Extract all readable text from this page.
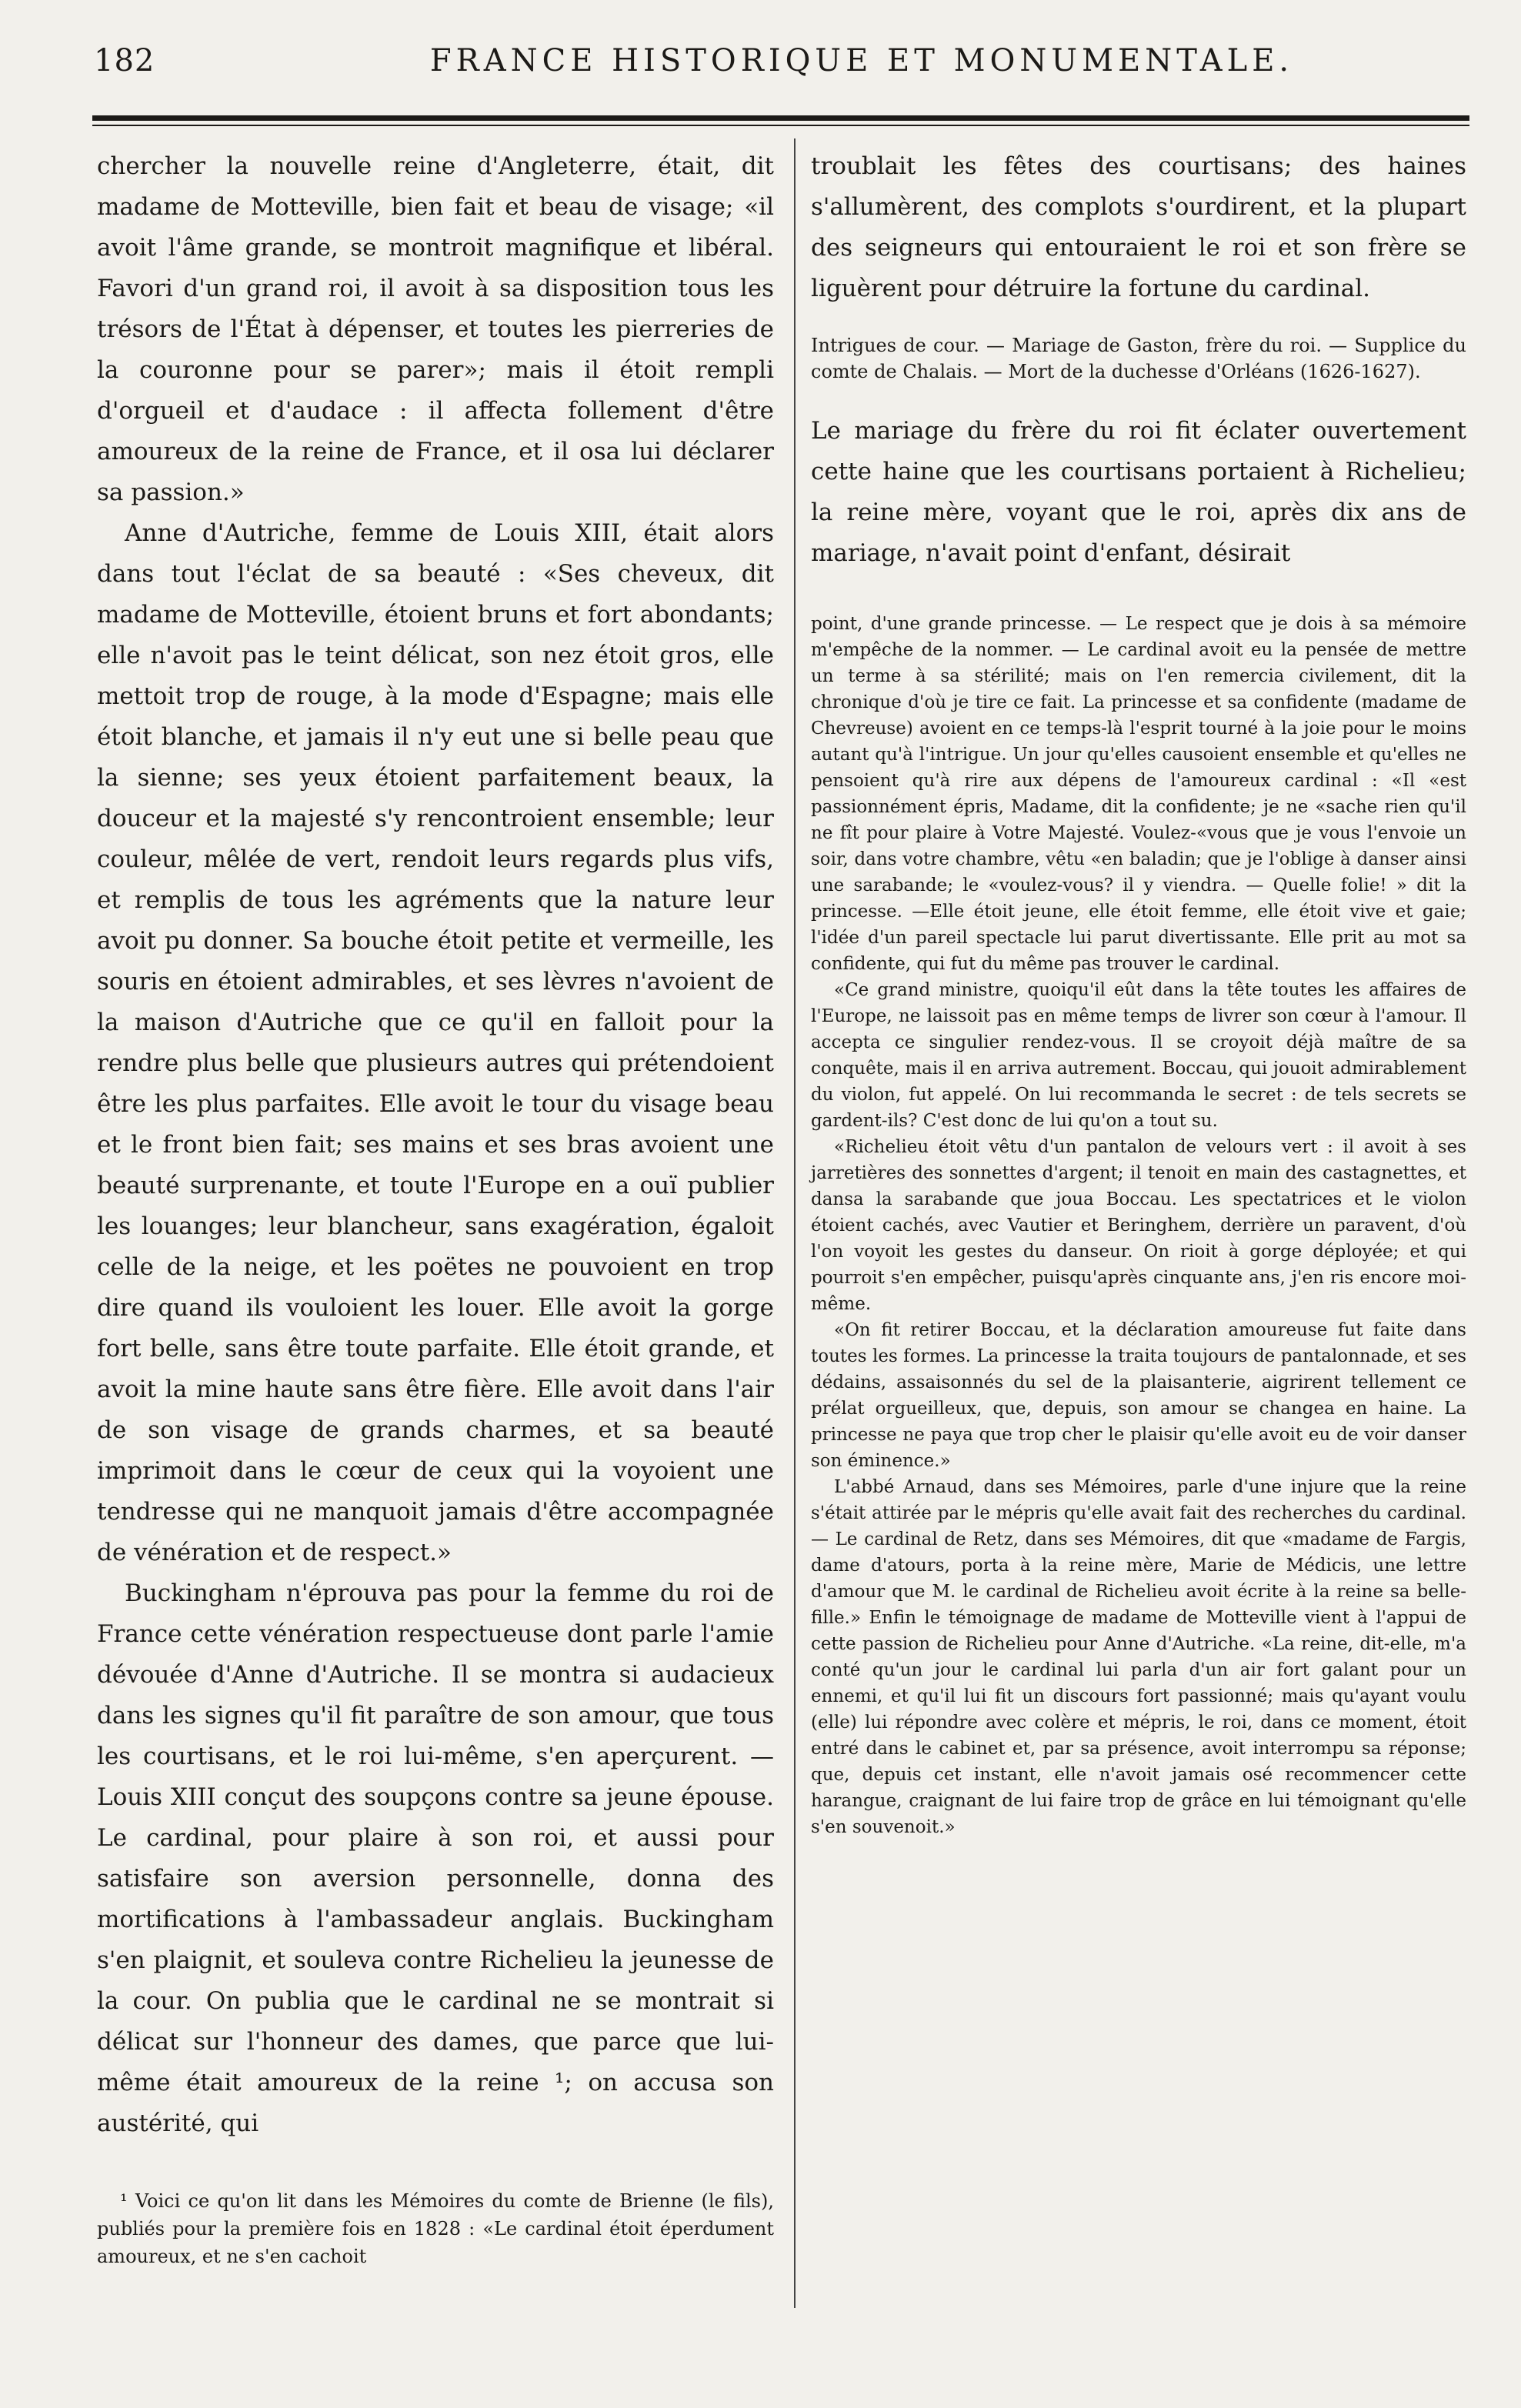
182	FRANCE HISTORIQUE ET MONUMENTALE.

chercher la nouvelle reine d'Angleterre, était, dit madame de Motteville, bien fait et beau de visage; «il avoit l'âme grande, se montroit magnifique et libéral. Favori d'un grand roi, il avoit à sa disposition tous les trésors de l'État à dépenser, et toutes les pierreries de la couronne pour se parer»; mais il étoit rempli d'orgueil et d'audace : il affecta follement d'être amoureux de la reine de France, et il osa lui déclarer sa passion.»

Anne d'Autriche, femme de Louis XIII, était alors dans tout l'éclat de sa beauté : «Ses cheveux, dit madame de Motteville, étoient bruns et fort abondants; elle n'avoit pas le teint délicat, son nez étoit gros, elle mettoit trop de rouge, à la mode d'Espagne; mais elle étoit blanche, et jamais il n'y eut une si belle peau que la sienne; ses yeux étoient parfaitement beaux, la douceur et la majesté s'y rencontroient ensemble; leur couleur, mêlée de vert, rendoit leurs regards plus vifs, et remplis de tous les agréments que la nature leur avoit pu donner. Sa bouche étoit petite et vermeille, les souris en étoient admirables, et ses lèvres n'avoient de la maison d'Autriche que ce qu'il en falloit pour la rendre plus belle que plusieurs autres qui prétendoient être les plus parfaites. Elle avoit le tour du visage beau et le front bien fait; ses mains et ses bras avoient une beauté surprenante, et toute l'Europe en a ouï publier les louanges; leur blancheur, sans exagération, égaloit celle de la neige, et les poëtes ne pouvoient en trop dire quand ils vouloient les louer. Elle avoit la gorge fort belle, sans être toute parfaite. Elle étoit grande, et avoit la mine haute sans être fière. Elle avoit dans l'air de son visage de grands charmes, et sa beauté imprimoit dans le cœur de ceux qui la voyoient une tendresse qui ne manquoit jamais d'être accompagnée de vénération et de respect.»

Buckingham n'éprouva pas pour la femme du roi de France cette vénération respectueuse dont parle l'amie dévouée d'Anne d'Autriche. Il se montra si audacieux dans les signes qu'il fit paraître de son amour, que tous les courtisans, et le roi lui-même, s'en aperçurent. — Louis XIII conçut des soupçons contre sa jeune épouse. Le cardinal, pour plaire à son roi, et aussi pour satisfaire son aversion personnelle, donna des mortifications à l'ambassadeur anglais. Buckingham s'en plaignit, et souleva contre Richelieu la jeunesse de la cour. On publia que le cardinal ne se montrait si délicat sur l'honneur des dames, que parce que lui-même était amoureux de la reine ¹; on accusa son austérité, qui

¹ Voici ce qu'on lit dans les Mémoires du comte de Brienne (le fils), publiés pour la première fois en 1828 : «Le cardinal étoit éperdument amoureux, et ne s'en cachoit

troublait les fêtes des courtisans; des haines s'allumèrent, des complots s'ourdirent, et la plupart des seigneurs qui entouraient le roi et son frère se liguèrent pour détruire la fortune du cardinal.

Intrigues de cour. — Mariage de Gaston, frère du roi. — Supplice du comte de Chalais. — Mort de la duchesse d'Orléans (1626-1627).

Le mariage du frère du roi fit éclater ouvertement cette haine que les courtisans portaient à Richelieu; la reine mère, voyant que le roi, après dix ans de mariage, n'avait point d'enfant, désirait

point, d'une grande princesse. — Le respect que je dois à sa mémoire m'empêche de la nommer. — Le cardinal avoit eu la pensée de mettre un terme à sa stérilité; mais on l'en remercia civilement, dit la chronique d'où je tire ce fait. La princesse et sa confidente (madame de Chevreuse) avoient en ce temps-là l'esprit tourné à la joie pour le moins autant qu'à l'intrigue. Un jour qu'elles causoient ensemble et qu'elles ne pensoient qu'à rire aux dépens de l'amoureux cardinal : «Il «est passionnément épris, Madame, dit la confidente; je ne «sache rien qu'il ne fît pour plaire à Votre Majesté. Voulez-«vous que je vous l'envoie un soir, dans votre chambre, vêtu «en baladin; que je l'oblige à danser ainsi une sarabande; le «voulez-vous? il y viendra. — Quelle folie! » dit la princesse. —Elle étoit jeune, elle étoit femme, elle étoit vive et gaie; l'idée d'un pareil spectacle lui parut divertissante. Elle prit au mot sa confidente, qui fut du même pas trouver le cardinal.

«Ce grand ministre, quoiqu'il eût dans la tête toutes les affaires de l'Europe, ne laissoit pas en même temps de livrer son cœur à l'amour. Il accepta ce singulier rendez-vous. Il se croyoit déjà maître de sa conquête, mais il en arriva autrement. Boccau, qui jouoit admirablement du violon, fut appelé. On lui recommanda le secret : de tels secrets se gardent-ils? C'est donc de lui qu'on a tout su.

«Richelieu étoit vêtu d'un pantalon de velours vert : il avoit à ses jarretières des sonnettes d'argent; il tenoit en main des castagnettes, et dansa la sarabande que joua Boccau. Les spectatrices et le violon étoient cachés, avec Vautier et Beringhem, derrière un paravent, d'où l'on voyoit les gestes du danseur. On rioit à gorge déployée; et qui pourroit s'en empêcher, puisqu'après cinquante ans, j'en ris encore moi-même.

«On fit retirer Boccau, et la déclaration amoureuse fut faite dans toutes les formes. La princesse la traita toujours de pantalonnade, et ses dédains, assaisonnés du sel de la plaisanterie, aigrirent tellement ce prélat orgueilleux, que, depuis, son amour se changea en haine. La princesse ne paya que trop cher le plaisir qu'elle avoit eu de voir danser son éminence.»

L'abbé Arnaud, dans ses Mémoires, parle d'une injure que la reine s'était attirée par le mépris qu'elle avait fait des recherches du cardinal. — Le cardinal de Retz, dans ses Mémoires, dit que «madame de Fargis, dame d'atours, porta à la reine mère, Marie de Médicis, une lettre d'amour que M. le cardinal de Richelieu avoit écrite à la reine sa belle-fille.» Enfin le témoignage de madame de Motteville vient à l'appui de cette passion de Richelieu pour Anne d'Autriche. «La reine, dit-elle, m'a conté qu'un jour le cardinal lui parla d'un air fort galant pour un ennemi, et qu'il lui fit un discours fort passionné; mais qu'ayant voulu (elle) lui répondre avec colère et mépris, le roi, dans ce moment, étoit entré dans le cabinet et, par sa présence, avoit interrompu sa réponse; que, depuis cet instant, elle n'avoit jamais osé recommencer cette harangue, craignant de lui faire trop de grâce en lui témoignant qu'elle s'en souvenoit.»
